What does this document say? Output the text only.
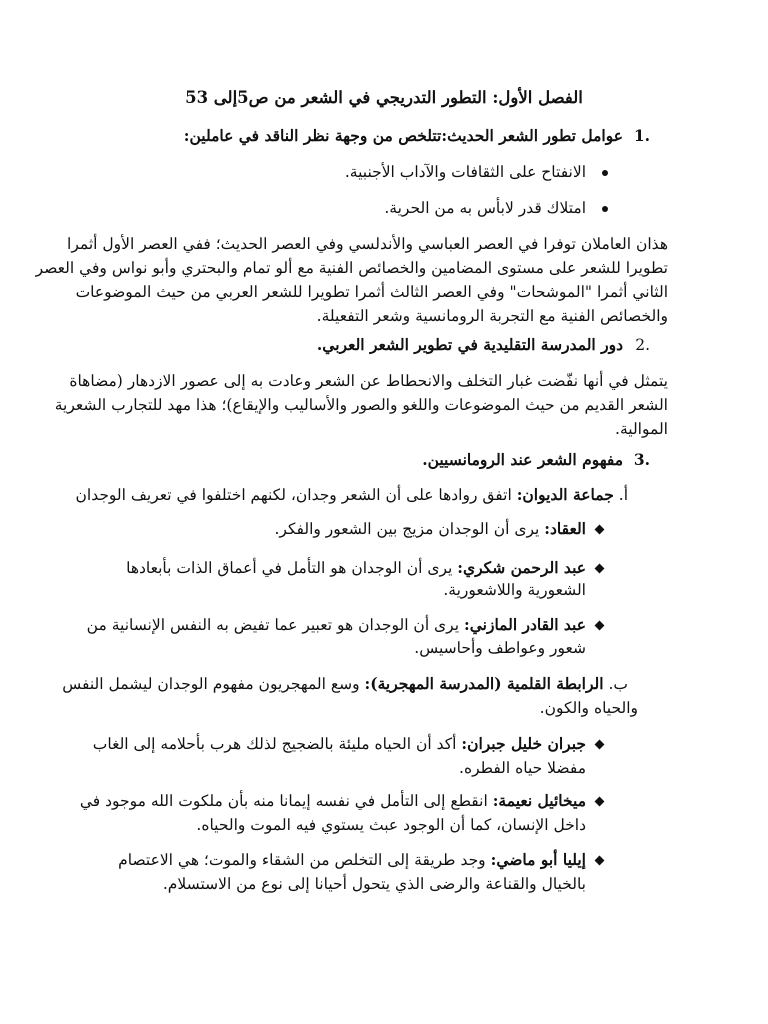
الفصل الأول: التطور التدريجي في الشعر من ص5إلى 53

1.

عوامل تطور الشعر الحديث:تتلخص من وجهة نظر الناقد في عاملين:

الانفتاح على الثقافات والآداب الأجنبية.

امتلاك قدر لابأس به من الحرية.

هذان العاملان توفرا في العصر العباسي والأندلسي وفي العصر الحديث؛ ففي العصر الأول أثمرا
تطويرا للشعر على مستوى المضامين والخصائص الفنية مع ألو تمام والبحتري وأبو نواس وفي العصر
الثاني أثمرا "الموشحات" وفي العصر الثالث أثمرا تطويرا للشعر العربي من حيث الموضوعات
والخصائص الفنية مع التجربة الرومانسية وشعر التفعيلة.
2.

دور المدرسة التقليدية في تطوير الشعر العربي.

يتمثل في أنها نفّضت غبار التخلف والانحطاط عن الشعر وعادت به إلى عصور الازدهار (مضاهاة
الشعر القديم من حيث الموضوعات واللغو والصور والأساليب والإيقاع)؛ هذا مهد للتجارب الشعرية
الموالية.
3.

مفهوم الشعر عند الرومانسيين.

أ. جماعة الديوان: اتفق روادها على أن الشعر وجدان، لكنهم اختلفوا في تعريف الوجدان

العقاد: يرى أن الوجدان مزيج بين الشعور والفكر.

عبد الرحمن شكري: يرى أن الوجدان هو التأمل في أعماق الذات بأبعادها

الشعورية واللاشعورية.

عبد القادر المازني: يرى أن الوجدان هو تعبير عما تفيض به النفس الإنسانية من

شعور وعواطف وأحاسيس.

ب. الرابطة القلمية (المدرسة المهجرية): وسع المهجريون مفهوم الوجدان ليشمل النفس

والحياه والكون.

جبران خليل جبران: أكد أن الحياه مليئة بالضجيج لذلك هرب بأحلامه إلى الغاب

مفضلا حياه الفطره.

ميخائيل نعيمة: انقطع إلى التأمل في نفسه إيمانا منه بأن ملكوت الله موجود في

داخل الإنسان، كما أن الوجود عبث يستوي فيه الموت والحياه.

إيليا أبو ماضي: وجد طريقة إلى التخلص من الشقاء والموت؛ هي الاعتصام

بالخيال والقناعة والرضى الذي يتحول أحيانا إلى نوع من الاستسلام.
